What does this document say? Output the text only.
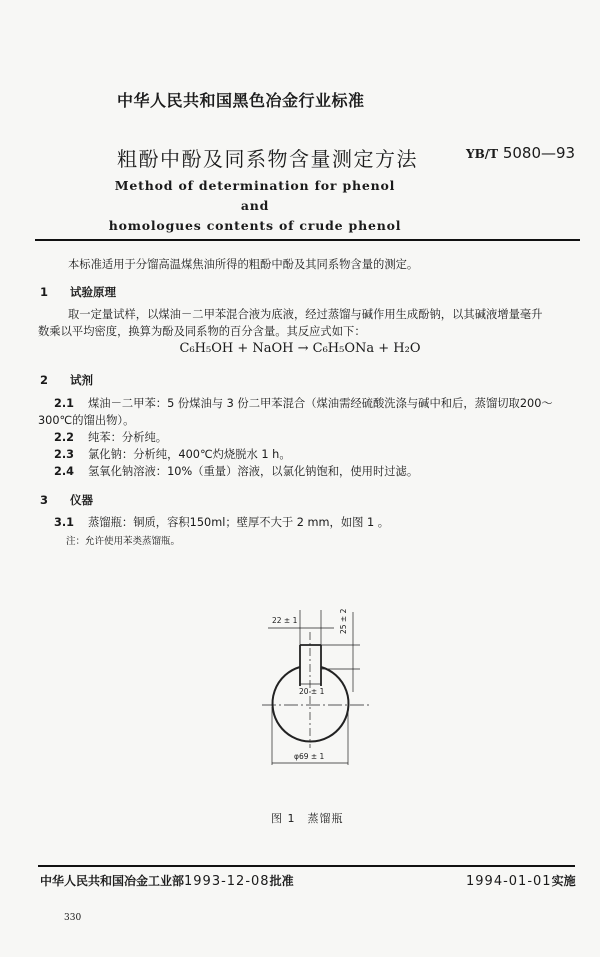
中华人民共和国黑色冶金行业标准
粗酚中酚及同系物含量测定方法	YB/T 5080—93
Method of determination for phenol and
homologues contents of crude phenol
本标准适用于分馏高温煤焦油所得的粗酚中酚及其同系物含量的测定。
1 试验原理
取一定量试样，以煤油－二甲苯混合液为底液，经过蒸馏与碱作用生成酚钠，以其碱液增量毫升
数乘以平均密度，换算为酚及同系物的百分含量。其反应式如下：
C₆H₅OH + NaOH → C₆H₅ONa + H₂O
2 试剂
2.1 煤油－二甲苯：5 份煤油与 3 份二甲苯混合（煤油需经硫酸洗涤与碱中和后，蒸馏切取200～
300℃的馏出物）。
2.2 纯苯：分析纯。
2.3 氯化钠：分析纯，400℃灼烧脱水 1 h。
2.4 氢氧化钠溶液：10%（重量）溶液，以氯化钠饱和，使用时过滤。
3 仪器
3.1 蒸馏瓶：铜质，容积150ml；壁厚不大于 2 mm，如图 1 。
注：允许使用苯类蒸馏瓶。
22 ± 1	25 ± 2
20 ± 1
φ69 ± 1
图 1　蒸馏瓶
中华人民共和国冶金工业部1993-12-08批准	1994-01-01实施
330
